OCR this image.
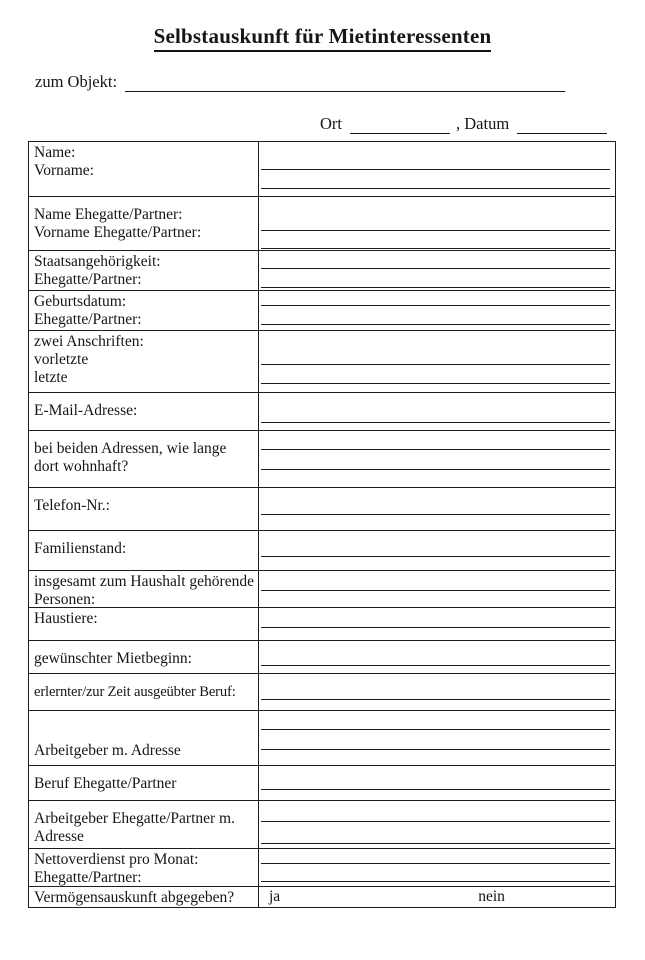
Selbstauskunft für Mietinteressenten
zum Objekt:
Ort	, Datum
Name:
Vorname:
Name Ehegatte/Partner:
Vorname Ehegatte/Partner:
Staatsangehörigkeit:
Ehegatte/Partner:
Geburtsdatum:
Ehegatte/Partner:
zwei Anschriften:
vorletzte
letzte
E-Mail-Adresse:
bei beiden Adressen, wie lange
dort wohnhaft?
Telefon-Nr.:
Familienstand:
insgesamt zum Haushalt gehörende
Personen:
Haustiere:
gewünschter Mietbeginn:
erlernter/zur Zeit ausgeübter Beruf:
Arbeitgeber m. Adresse
Beruf Ehegatte/Partner
Arbeitgeber Ehegatte/Partner m.
Adresse
Nettoverdienst pro Monat:
Ehegatte/Partner:
Vermögensauskunft abgegeben?	ja	nein
